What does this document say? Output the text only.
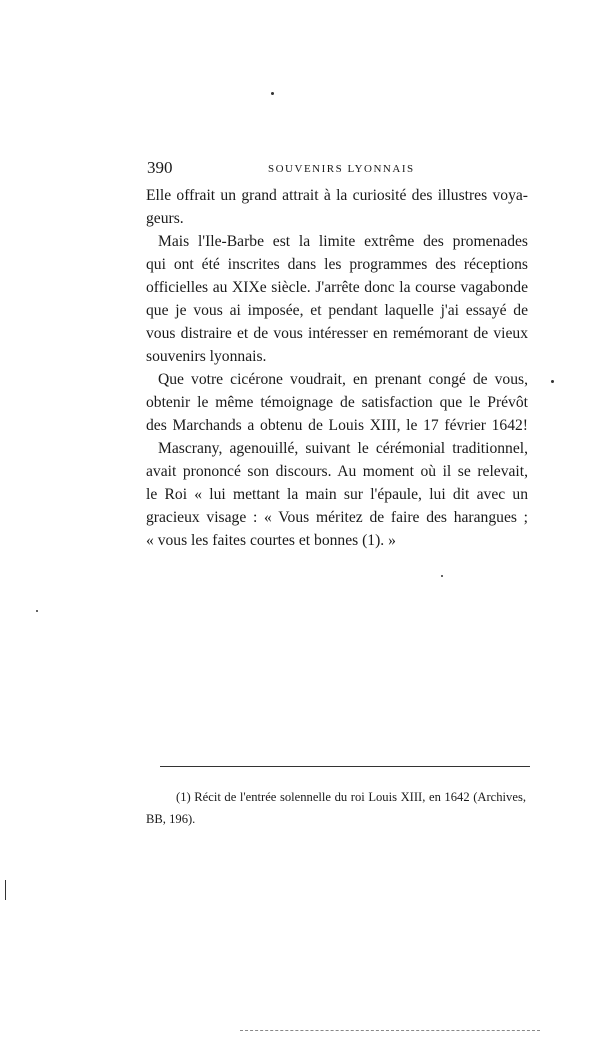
390	SOUVENIRS LYONNAIS
Elle offrait un grand attrait à la curiosité des illustres voya-
geurs.
Mais l'Ile-Barbe est la limite extrême des promenades
qui ont été inscrites dans les programmes des réceptions
officielles au XIXe siècle. J'arrête donc la course vagabonde
que je vous ai imposée, et pendant laquelle j'ai essayé de
vous distraire et de vous intéresser en remémorant de vieux
souvenirs lyonnais.
Que votre cicérone voudrait, en prenant congé de vous,
obtenir le même témoignage de satisfaction que le Prévôt
des Marchands a obtenu de Louis XIII, le 17 février 1642!
Mascrany, agenouillé, suivant le cérémonial traditionnel,
avait prononcé son discours. Au moment où il se relevait,
le Roi « lui mettant la main sur l'épaule, lui dit avec un
gracieux visage : « Vous méritez de faire des harangues ;
« vous les faites courtes et bonnes (1). »
(1) Récit de l'entrée solennelle du roi Louis XIII, en 1642 (Archives,
BB, 196).
